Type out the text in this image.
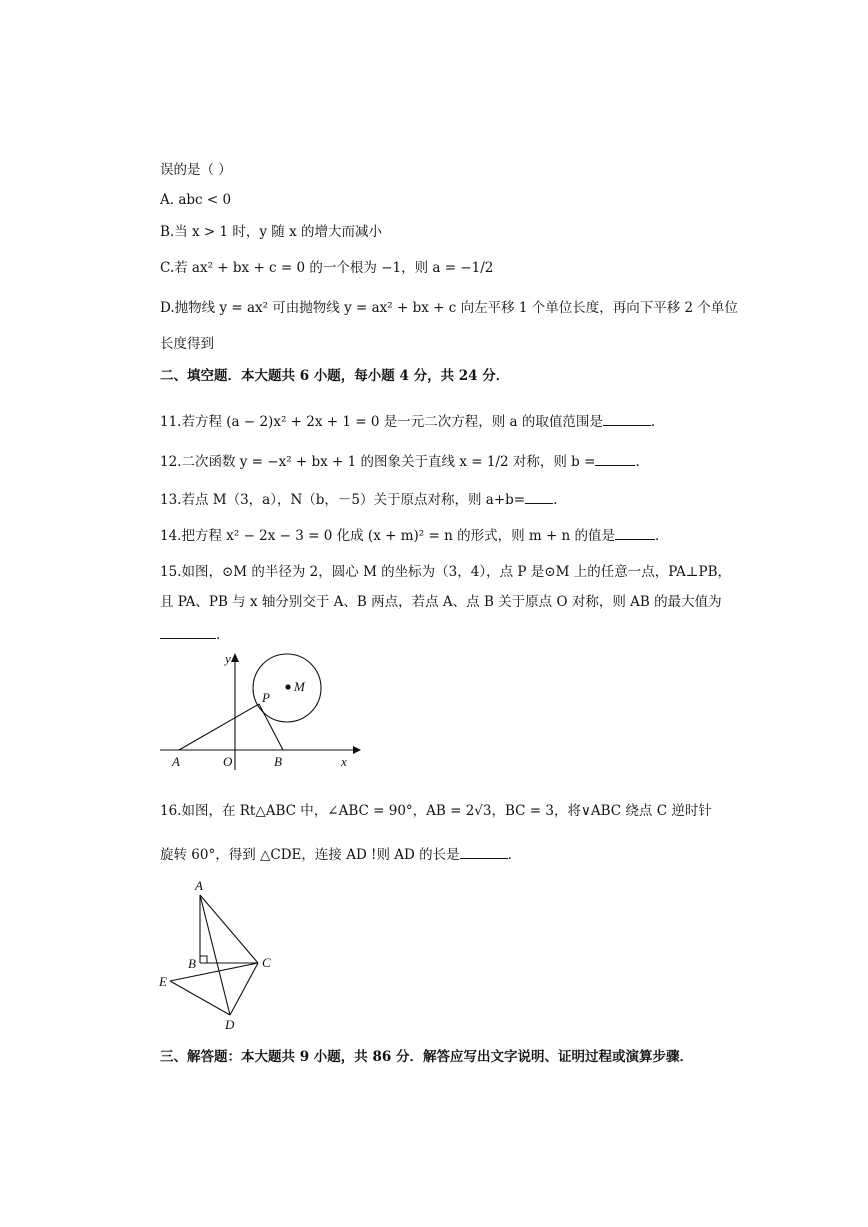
误的是（ ）
A. abc < 0
B.当 x > 1 时，y 随 x 的增大而减小
C.若 ax² + bx + c = 0 的一个根为 −1，则 a = −1/2
D.抛物线 y = ax² 可由抛物线 y = ax² + bx + c 向左平移 1 个单位长度，再向下平移 2 个单位
长度得到
二、填空题．本大题共 6 小题，每小题 4 分，共 24 分．
11.若方程 (a − 2)x² + 2x + 1 = 0 是一元二次方程，则 a 的取值范围是	.
12.二次函数 y = −x² + bx + 1 的图象关于直线 x = 1/2 对称，则 b =	.
13.若点 M（3，a），N（b，－5）关于原点对称，则 a+b= .
14.把方程 x² − 2x − 3 = 0 化成 (x + m)² = n 的形式，则 m + n 的值是	.
15.如图，⊙M 的半径为 2，圆心 M 的坐标为（3，4），点 P 是⊙M 上的任意一点，PA⊥PB，
且 PA、PB 与 x 轴分别交于 A、B 两点，若点 A、点 B 关于原点 O 对称，则 AB 的最大值为
.
y
M
P
A	O	B	x
16.如图，在 Rt△ABC 中，∠ABC = 90°，AB = 2√3，BC = 3，将∨ABC 绕点 C 逆时针
旋转 60°，得到 △CDE，连接 AD !则 AD 的长是	.
A
B	C
E
D
三、解答题：本大题共 9 小题，共 86 分．解答应写出文字说明、证明过程或演算步骤．
